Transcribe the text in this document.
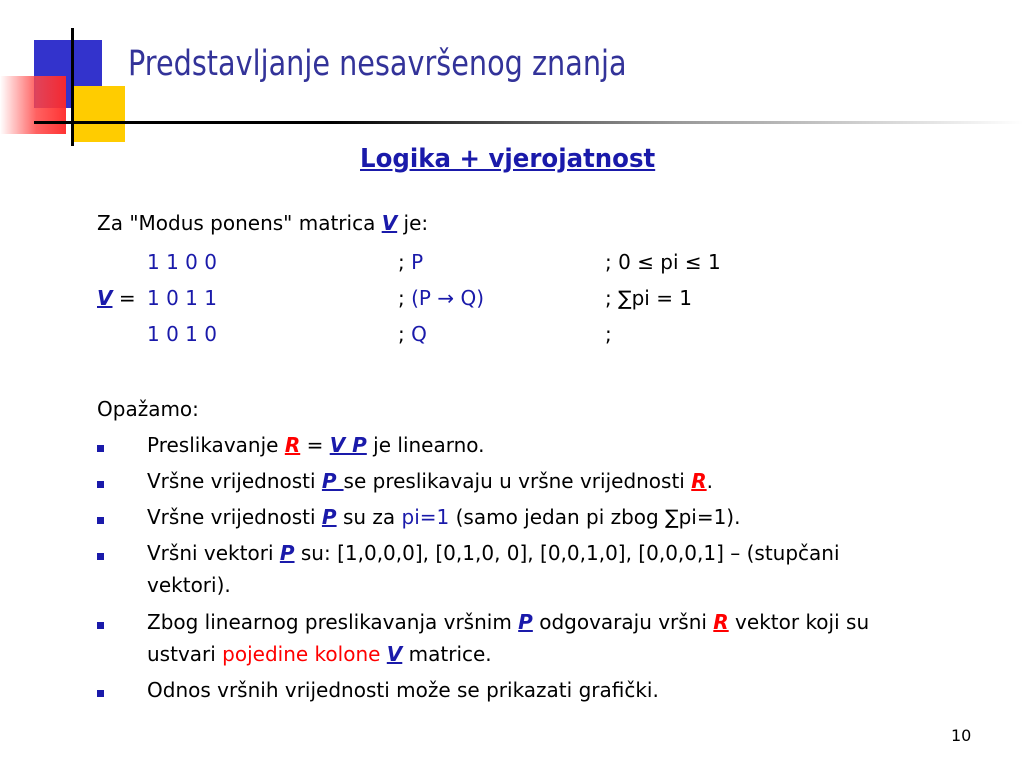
Predstavljanje nesavršenog znanja
Logika + vjerojatnost
Za "Modus ponens" matrica V je:
V =
1 1 0 0	; P	; 0 ≤ pi ≤ 1
1 0 1 1	; (P → Q)	; ∑pi = 1
1 0 1 0	; Q	;
Opažamo:
Preslikavanje R = V P je linearno.
Vršne vrijednosti P se preslikavaju u vršne vrijednosti R.
Vršne vrijednosti P su za pi=1 (samo jedan pi zbog ∑pi=1).
Vršni vektori P su: [1,0,0,0], [0,1,0, 0], [0,0,1,0], [0,0,0,1] – (stupčani
vektori).
Zbog linearnog preslikavanja vršnim P odgovaraju vršni R vektor koji su
ustvari pojedine kolone V matrice.
Odnos vršnih vrijednosti može se prikazati grafički.
10
